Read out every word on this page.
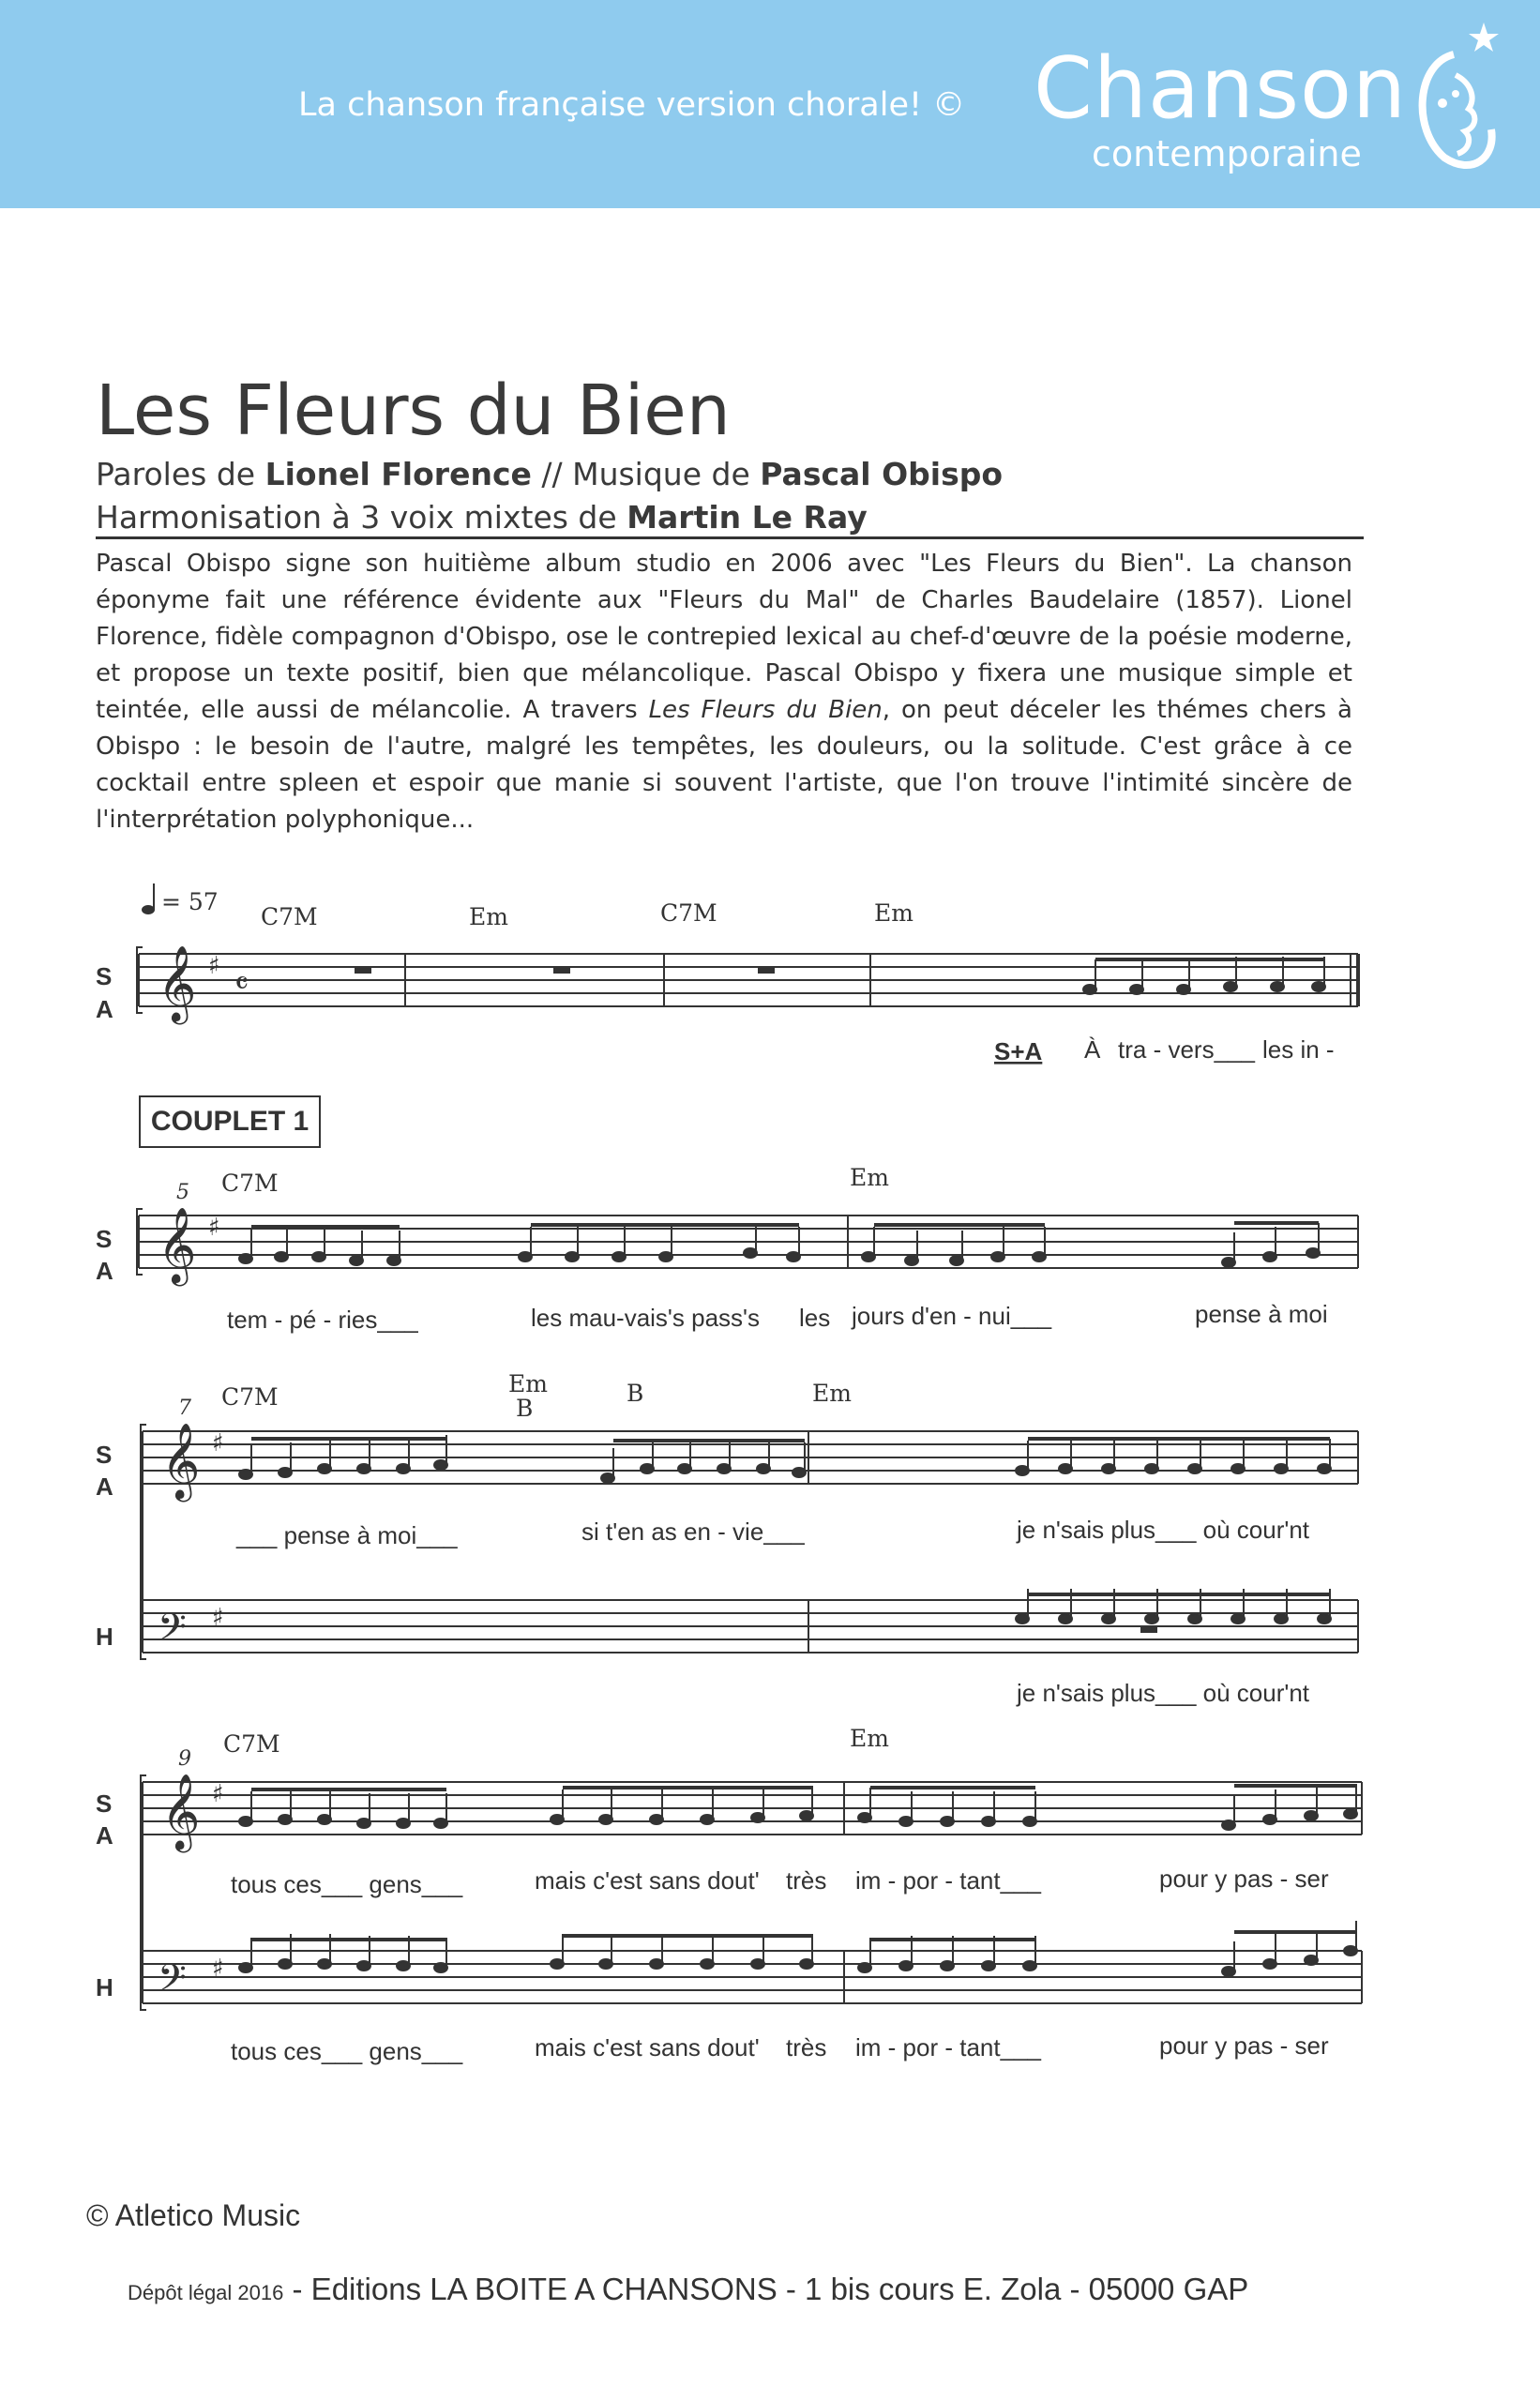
La chanson française version chorale! © Chanson
contemporaine
Les Fleurs du Bien
Paroles de Lionel Florence // Musique de Pascal Obispo
Harmonisation à 3 voix mixtes de Martin Le Ray
Pascal Obispo signe son huitième album studio en 2006 avec "Les Fleurs du Bien". La chanson éponyme fait une référence évidente aux "Fleurs du Mal" de Charles Baudelaire (1857). Lionel Florence, fidèle compagnon d'Obispo, ose le contrepied lexical au chef-d'œuvre de la poésie moderne, et propose un texte positif, bien que mélancolique. Pascal Obispo y fixera une musique simple et teintée, elle aussi de mélancolie. A travers Les Fleurs du Bien, on peut déceler les thémes chers à Obispo : le besoin de l'autre, malgré les tempêtes, les douleurs, ou la solitude. C'est grâce à ce cocktail entre spleen et espoir que manie si souvent l'artiste, que l'on trouve l'intimité sincère de l'interprétation polyphonique...
COUPLET 1
𝄞 ♯ 𝄴
𝄞 ♯
𝄞 ♯
𝄢 ♯
𝄞 ♯
𝄢 ♯
= 57
S
A
S
A
S
A
H
S
A
H
5
7
9
C7M	Em	C7M	Em
S+A À tra - vers___ les in -
C7M	Em
tem - pé - ries___	les mau-vais's pass's les jours d'en - nui___	pense à moi
C7M	Em
B
B	Em
___ pense à moi___	si t'en as en - vie___	je n'sais plus___ où cour'nt
je n'sais plus___ où cour'nt
C7M	Em
tous ces___ gens___	mais c'est sans dout' très im - por - tant___	pour y pas - ser
tous ces___ gens___	mais c'est sans dout' très im - por - tant___	pour y pas - ser
© Atletico Music
Dépôt légal 2016 - Editions LA BOITE A CHANSONS - 1 bis cours E. Zola - 05000 GAP
